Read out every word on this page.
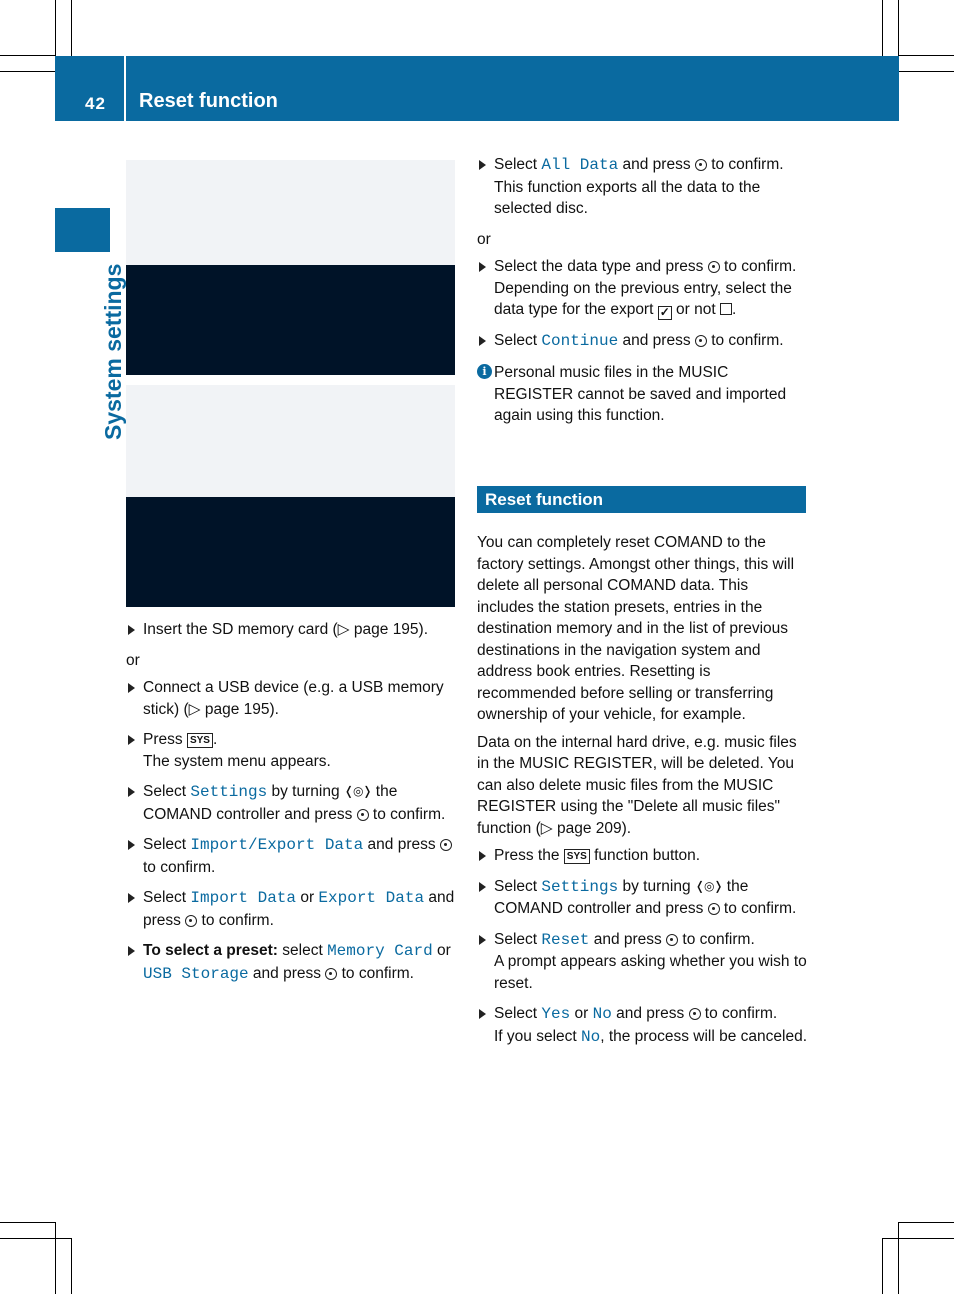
42 Reset function
System settings
Insert the SD memory card (▷ page 195).
or
Connect a USB device (e.g. a USB memory stick) (▷ page 195).
Press SYS .
The system menu appears.
Select Settings by turning ❬◎❭ the COMAND controller and press  to confirm.
Select Import/Export Data and press  to confirm.
Select Import Data or Export Data and press  to confirm.
To select a preset: select Memory Card or USB Storage and press  to confirm.
Select All Data and press  to confirm.
This function exports all the data to the selected disc.
or
Select the data type and press  to confirm.
Depending on the previous entry, select the data type for the export ✓ or not .
Select Continue and press  to confirm.
i Personal music files in the MUSIC REGISTER cannot be saved and imported again using this function.
Reset function
You can completely reset COMAND to the factory settings. Amongst other things, this will delete all personal COMAND data. This includes the station presets, entries in the destination memory and in the list of previous destinations in the navigation system and address book entries. Resetting is recommended before selling or transferring ownership of your vehicle, for example.
Data on the internal hard drive, e.g. music files in the MUSIC REGISTER, will be deleted. You can also delete music files from the MUSIC REGISTER using the "Delete all music files" function (▷ page 209).
Press the SYS function button.
Select Settings by turning ❬◎❭ the COMAND controller and press  to confirm.
Select Reset and press  to confirm.
A prompt appears asking whether you wish to reset.
Select Yes or No and press  to confirm.
If you select No, the process will be canceled.
